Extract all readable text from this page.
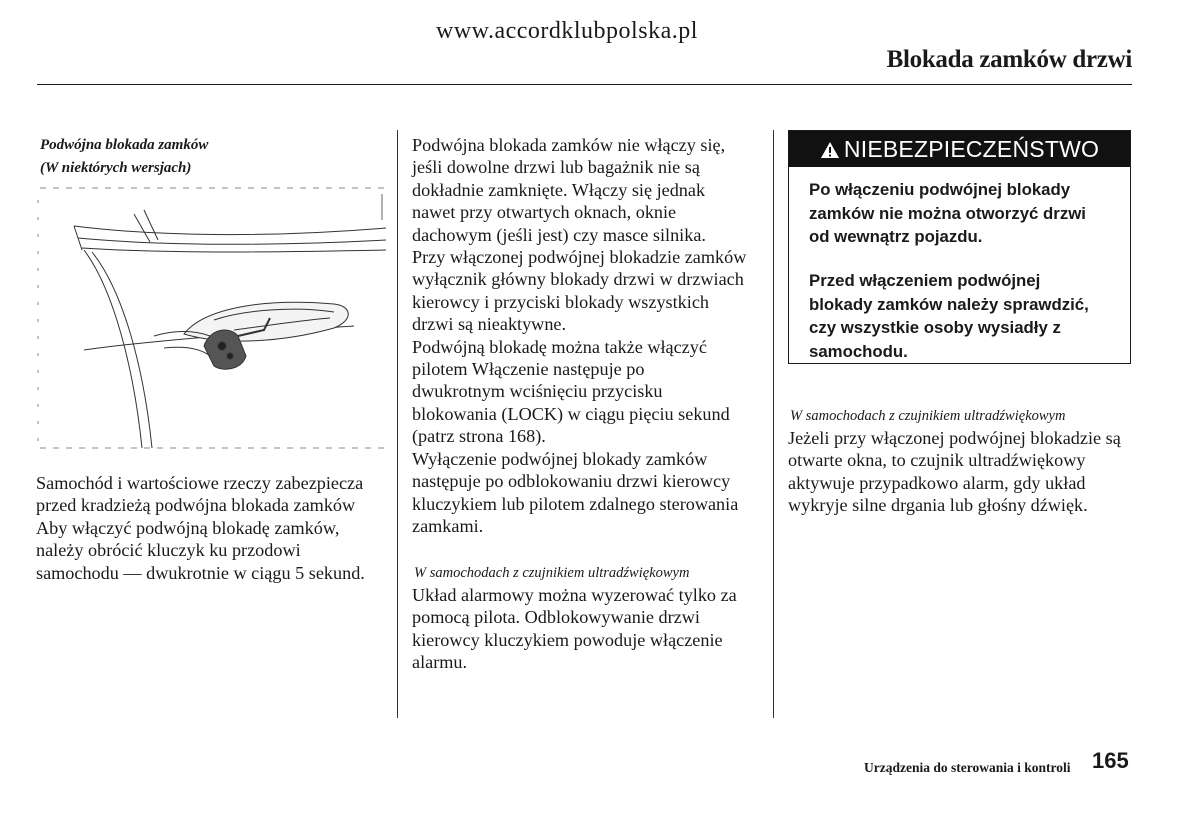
www.accordklubpolska.pl
Blokada zamków drzwi
Podwójna blokada zamków
(W niektórych wersjach)

Samochód i wartościowe rzeczy zabezpiecza

przed kradzieżą podwójna blokada zamków

Aby włączyć podwójną blokadę zamków,

należy obrócić kluczyk ku przodowi

samochodu — dwukrotnie w ciągu 5 sekund.

Podwójna blokada zamków nie włączy się,

jeśli dowolne drzwi lub bagażnik nie są

dokładnie zamknięte. Włączy się jednak

nawet przy otwartych oknach, oknie

dachowym (jeśli jest) czy masce silnika.

Przy włączonej podwójnej blokadzie zamków

wyłącznik główny blokady drzwi w drzwiach

kierowcy i przyciski blokady wszystkich

drzwi są nieaktywne.

Podwójną blokadę można także włączyć

pilotem Włączenie następuje po

dwukrotnym wciśnięciu przycisku

blokowania (LOCK) w ciągu pięciu sekund

(patrz strona 168).

Wyłączenie podwójnej blokady zamków

następuje po odblokowaniu drzwi kierowcy

kluczykiem lub pilotem zdalnego sterowania

zamkami.

W samochodach z czujnikiem ultradźwiękowym

Układ alarmowy można wyzerować tylko za

pomocą pilota. Odblokowywanie drzwi

kierowcy kluczykiem powoduje włączenie

alarmu.

NIEBEZPIECZEŃSTWO
Po włączeniu podwójnej blokady
zamków nie można otworzyć drzwi
od wewnątrz pojazdu.
Przed włączeniem podwójnej
blokady zamków należy sprawdzić,
czy wszystkie osoby wysiadły z
samochodu.
W samochodach z czujnikiem ultradźwiękowym

Jeżeli przy włączonej podwójnej blokadzie są

otwarte okna, to czujnik ultradźwiękowy

aktywuje przypadkowo alarm, gdy układ

wykryje silne drgania lub głośny dźwięk.

Urządzenia do sterowania i kontroli 165
